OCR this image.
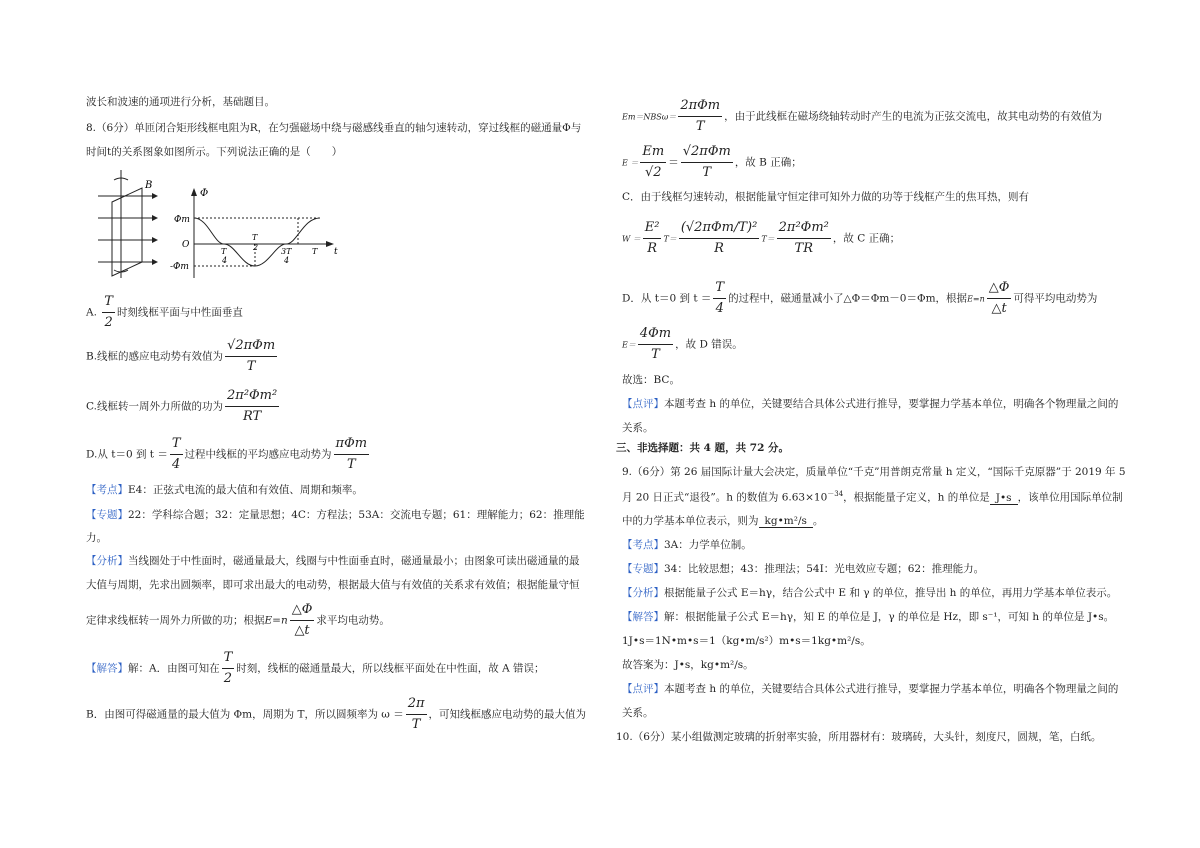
波长和波速的通项进行分析，基础题目。
8.（6分）单匝闭合矩形线框电阻为R，在匀强磁场中绕与磁感线垂直的轴匀速转动，穿过线框的磁通量Φ与
时间t的关系图象如图所示。下列说法正确的是（　　）
B
Φ
Φm
O
-Φm
T
4
T
2	3T
4
T t
A. $\frac{T}{2}$ 时刻线框平面与中性面垂直
B.线框的感应电动势有效值为 $\frac{\text{√2πΦm}}{T}$
C.线框转一周外力所做的功为 $\frac{\text{2π²Φm²}}{RT}$
D.从 t＝0 到 $t = \frac{T}{4}$ 过程中线框的平均感应电动势为 $\frac{\text{πΦm}}{T}$
【考点】E4：正弦式电流的最大值和有效值、周期和频率。
【专题】22：学科综合题；32：定量思想；4C：方程法；53A：交流电专题；61：理解能力；62：推理能
力。
【分析】当线圈处于中性面时，磁通量最大，线圈与中性面垂直时，磁通量最小；由图象可读出磁通量的最
大值与周期，先求出圆频率，即可求出最大的电动势，根据最大值与有效值的关系求有效值；根据能量守恒
定律求线框转一周外力所做的功；根据$E=n \frac{\triangle\Phi}{\triangle t}$ 求平均电动势。
【解答】解：A．由图可知在 $\frac{T}{2}$ 时刻，线框的磁通量最大，所以线框平面处在中性面，故 A 错误；
B．由图可得磁通量的最大值为 Φm，周期为 T，所以圆频率为 $\omega = \frac{2\pi}{T}$ ，可知线框感应电动势的最大值为
$Em=NBS\omega= \frac{\text{2πΦm}}{T}$ ，由于此线框在磁场绕轴转动时产生的电流为正弦交流电，故其电动势的有效值为
$E = \frac{Em}{√2} = \frac{\text{√2πΦm}}{T}$ ，故 B 正确；
C．由于线框匀速转动，根据能量守恒定律可知外力做的功等于线框产生的焦耳热，则有
$W = \frac{\text{E²}}{R} T= \frac{\text{(√2πΦm/T)²}}{R} T= \frac{\text{2π²Φm²}}{TR}$ ，故 C 正确；
D．从 t＝0 到 $t = \frac{T}{4}$ 的过程中，磁通量减小了△Φ＝Φm－0＝Φm，根据$E=n \frac{\triangle\Phi}{\triangle t}$ 可得平均电动势为
$E= \frac{4\Phi m}{T}$ ，故 D 错误。
故选：BC。
【点评】本题考查 h 的单位，关键要结合具体公式进行推导，要掌握力学基本单位，明确各个物理量之间的
关系。
三、非选择题：共 4 题，共 72 分。
9.（6分）第 26 届国际计量大会决定，质量单位“千克”用普朗克常量 h 定义，“国际千克原器”于 2019 年 5
月 20 日正式“退役”。h 的数值为 $6.63\times 10^{-34}$，根据能量子定义，h 的单位是 J•s ，该单位用国际单位制
中的力学基本单位表示，则为 kg•m²/s 。
【考点】3A：力学单位制。
【专题】34：比较思想；43：推理法；54I：光电效应专题；62：推理能力。
【分析】根据能量子公式 E＝hγ，结合公式中 E 和 γ 的单位，推导出 h 的单位，再用力学基本单位表示。
【解答】解：根据能量子公式 E＝hγ，知 E 的单位是 J，γ 的单位是 Hz，即 s⁻¹，可知 h 的单位是 J•s。
1J•s＝1N•m•s＝1（kg•m/s²）m•s＝1kg•m²/s。
故答案为：J•s，kg•m²/s。
【点评】本题考查 h 的单位，关键要结合具体公式进行推导，要掌握力学基本单位，明确各个物理量之间的
关系。
10.（6分）某小组做测定玻璃的折射率实验，所用器材有：玻璃砖，大头针，刻度尺，圆规，笔，白纸。
